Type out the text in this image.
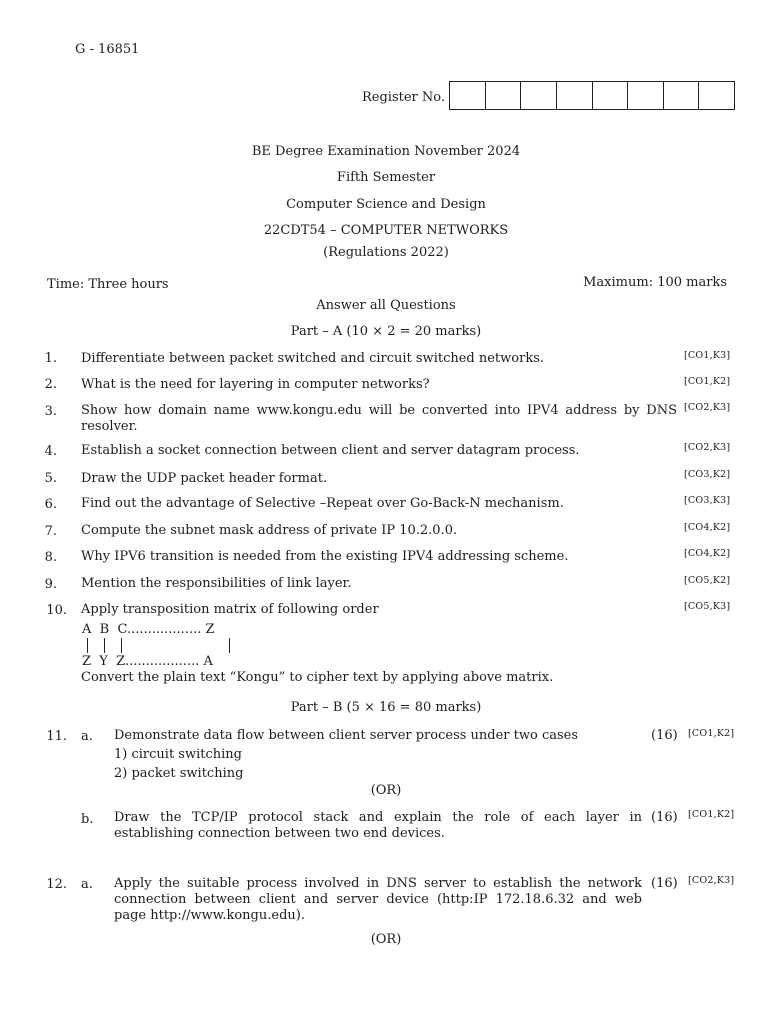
G - 16851
Register No.
BE Degree Examination November 2024
Fifth Semester
Computer Science and Design
22CDT54 – COMPUTER NETWORKS
(Regulations 2022)
Time: Three hours	Maximum: 100 marks
Answer all Questions
Part – A (10 × 2 = 20 marks)
1. Differentiate between packet switched and circuit switched networks.	[CO1,K3]
2. What is the need for layering in computer networks?	[CO1,K2]
3. Show how domain name www.kongu.edu will be converted into IPV4 address by DNS resolver.
[CO2,K3]
4. Establish a socket connection between client and server datagram process.	[CO2,K3]
5. Draw the UDP packet header format.	[CO3,K2]
6. Find out the advantage of Selective –Repeat over Go-Back-N mechanism.	[CO3,K3]
7. Compute the subnet mask address of private IP 10.2.0.0.	[CO4,K2]
8. Why IPV6 transition is needed from the existing IPV4 addressing scheme.	[CO4,K2]
9. Mention the responsibilities of link layer.	[CO5,K2]
10. Apply transposition matrix of following order	[CO5,K3]
A  B  C.................. Z
Z  Y  Z.................. A
Convert the plain text “Kongu” to cipher text by applying above matrix.
Part – B (5 × 16 = 80 marks)
11. a. Demonstrate data flow between client server process under two cases	(16) [CO1,K2]
1) circuit switching
2) packet switching
(OR)
b. Draw the TCP/IP protocol stack and explain the role of each layer in establishing connection between two end devices.
(16) [CO1,K2]
12. a. Apply the suitable process involved in DNS server to establish the network connection between client and server device (http:IP 172.18.6.32 and web page http://www.kongu.edu).
(16) [CO2,K3]
(OR)
